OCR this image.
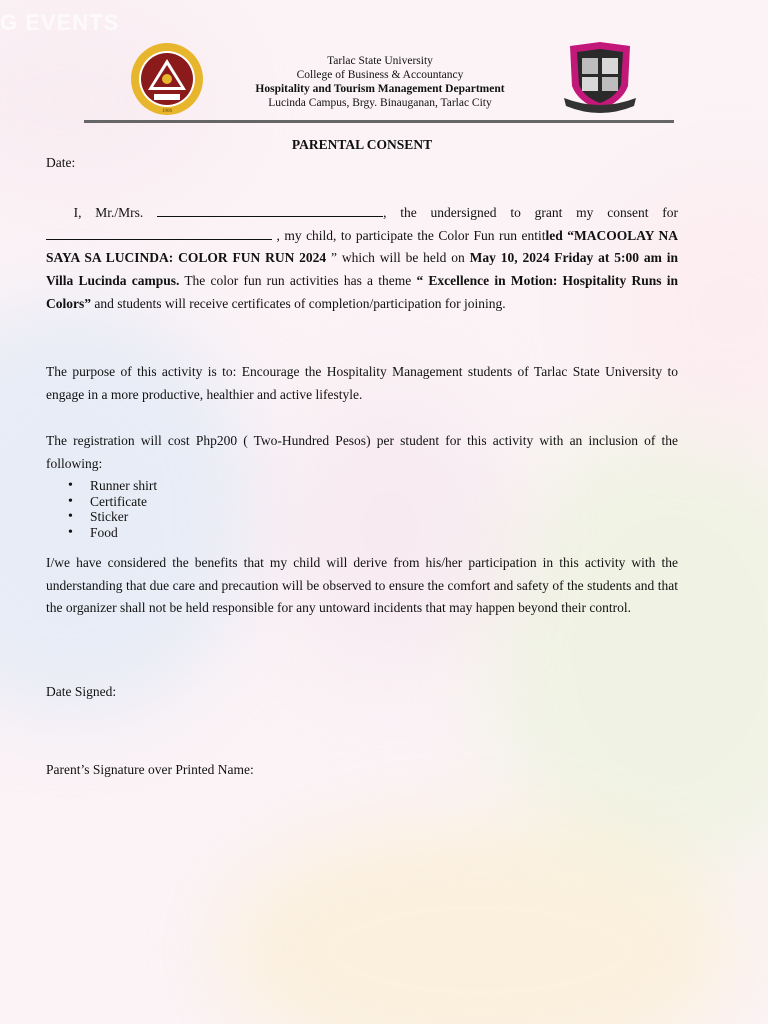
G EVENTS
1906
Tarlac State University
College of Business & Accountancy
Hospitality and Tourism Management Department
Lucinda Campus, Brgy. Binauganan, Tarlac City
PARENTAL CONSENT
Date:
I, Mr./Mrs.	, the undersigned to grant my consent for  , my child, to participate the Color Fun run entitled “MACOOLAY NA SAYA SA LUCINDA: COLOR FUN RUN 2024 ” which will be held on May 10, 2024 Friday at 5:00 am in Villa Lucinda campus. The color fun run activities has a theme “ Excellence in Motion: Hospitality Runs in Colors” and students will receive certificates of completion/participation for joining.
The purpose of this activity is to: Encourage the Hospitality Management students of Tarlac State University to engage in a more productive, healthier and active lifestyle.
The registration will cost Php200 ( Two-Hundred Pesos) per student for this activity with an inclusion of the following:
• Runner shirt
• Certificate
• Sticker
• Food
I/we have considered the benefits that my child will derive from his/her participation in this activity with the understanding that due care and precaution will be observed to ensure the comfort and safety of the students and that the organizer shall not be held responsible for any untoward incidents that may happen beyond their control.
Date Signed:
Parent’s Signature over Printed Name:
